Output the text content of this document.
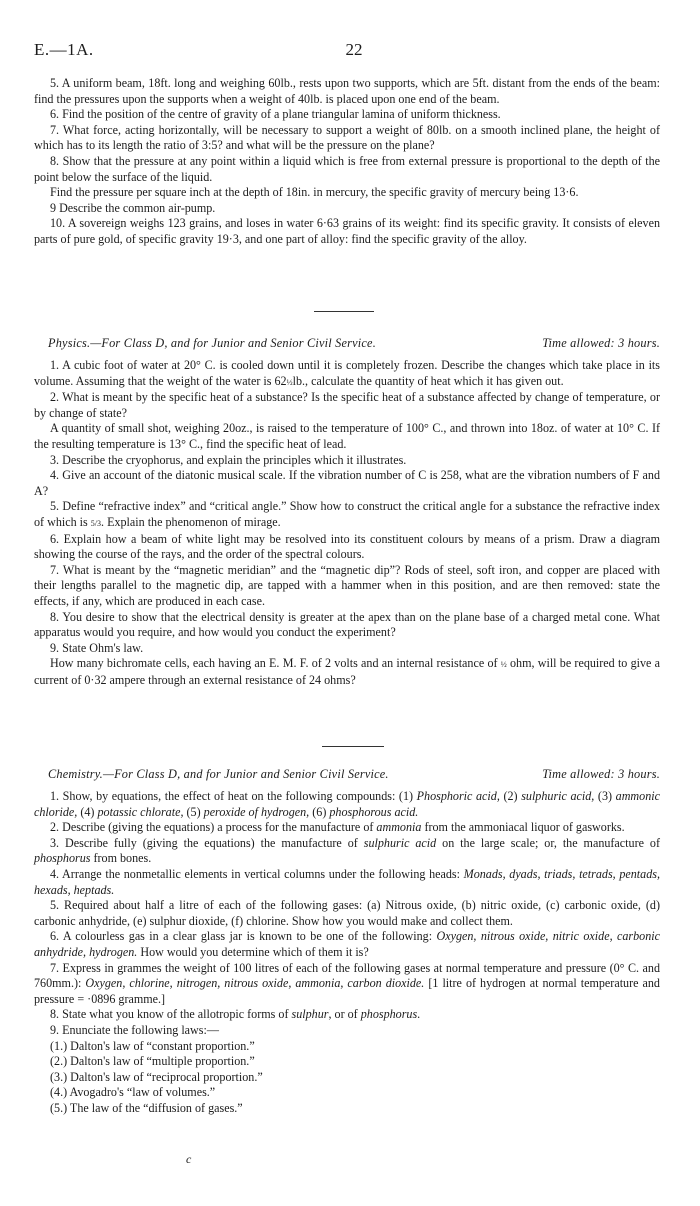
E.—1A.	22

5. A uniform beam, 18ft. long and weighing 60lb., rests upon two supports, which are 5ft. distant from the ends of the beam: find the pressures upon the supports when a weight of 40lb. is placed upon one end of the beam.

6. Find the position of the centre of gravity of a plane triangular lamina of uniform thickness.

7. What force, acting horizontally, will be necessary to support a weight of 80lb. on a smooth inclined plane, the height of which has to its length the ratio of 3:5? and what will be the pressure on the plane?

8. Show that the pressure at any point within a liquid which is free from external pressure is proportional to the depth of the point below the surface of the liquid.

Find the pressure per square inch at the depth of 18in. in mercury, the specific gravity of mercury being 13·6.

9 Describe the common air-pump.

10. A sovereign weighs 123 grains, and loses in water 6·63 grains of its weight: find its specific gravity. It consists of eleven parts of pure gold, of specific gravity 19·3, and one part of alloy: find the specific gravity of the alloy.

Physics.—For Class D, and for Junior and Senior Civil Service.	Time allowed: 3 hours.

1. A cubic foot of water at 20° C. is cooled down until it is completely frozen. Describe the changes which take place in its volume. Assuming that the weight of the water is 62½lb., calculate the quantity of heat which it has given out.

2. What is meant by the specific heat of a substance? Is the specific heat of a substance affected by change of temperature, or by change of state?

A quantity of small shot, weighing 20oz., is raised to the temperature of 100° C., and thrown into 18oz. of water at 10° C. If the resulting temperature is 13° C., find the specific heat of lead.

3. Describe the cryophorus, and explain the principles which it illustrates.

4. Give an account of the diatonic musical scale. If the vibration number of C is 258, what are the vibration numbers of F and A?

5. Define “refractive index” and “critical angle.” Show how to construct the critical angle for a substance the refractive index of which is 5/3. Explain the phenomenon of mirage.

6. Explain how a beam of white light may be resolved into its constituent colours by means of a prism. Draw a diagram showing the course of the rays, and the order of the spectral colours.

7. What is meant by the “magnetic meridian” and the “magnetic dip”? Rods of steel, soft iron, and copper are placed with their lengths parallel to the magnetic dip, are tapped with a hammer when in this position, and are then removed: state the effects, if any, which are produced in each case.

8. You desire to show that the electrical density is greater at the apex than on the plane base of a charged metal cone. What apparatus would you require, and how would you conduct the experiment?

9. State Ohm's law.

How many bichromate cells, each having an E. M. F. of 2 volts and an internal resistance of ½ ohm, will be required to give a current of 0·32 ampere through an external resistance of 24 ohms?

Chemistry.—For Class D, and for Junior and Senior Civil Service.	Time allowed: 3 hours.

1. Show, by equations, the effect of heat on the following compounds: (1) Phosphoric acid, (2) sulphuric acid, (3) ammonic chloride, (4) potassic chlorate, (5) peroxide of hydrogen, (6) phosphorous acid.

2. Describe (giving the equations) a process for the manufacture of ammonia from the ammoniacal liquor of gasworks.

3. Describe fully (giving the equations) the manufacture of sulphuric acid on the large scale; or, the manufacture of phosphorus from bones.

4. Arrange the nonmetallic elements in vertical columns under the following heads: Monads, dyads, triads, tetrads, pentads, hexads, heptads.

5. Required about half a litre of each of the following gases: (a) Nitrous oxide, (b) nitric oxide, (c) carbonic oxide, (d) carbonic anhydride, (e) sulphur dioxide, (f) chlorine. Show how you would make and collect them.

6. A colourless gas in a clear glass jar is known to be one of the following: Oxygen, nitrous oxide, nitric oxide, carbonic anhydride, hydrogen. How would you determine which of them it is?

7. Express in grammes the weight of 100 litres of each of the following gases at normal temperature and pressure (0° C. and 760mm.): Oxygen, chlorine, nitrogen, nitrous oxide, ammonia, carbon dioxide. [1 litre of hydrogen at normal temperature and pressure = ·0896 gramme.]

8. State what you know of the allotropic forms of sulphur, or of phosphorus.

9. Enunciate the following laws:—

(1.) Dalton's law of “constant proportion.”

(2.) Dalton's law of “multiple proportion.”

(3.) Dalton's law of “reciprocal proportion.”

(4.) Avogadro's “law of volumes.”

(5.) The law of the “diffusion of gases.”

c
